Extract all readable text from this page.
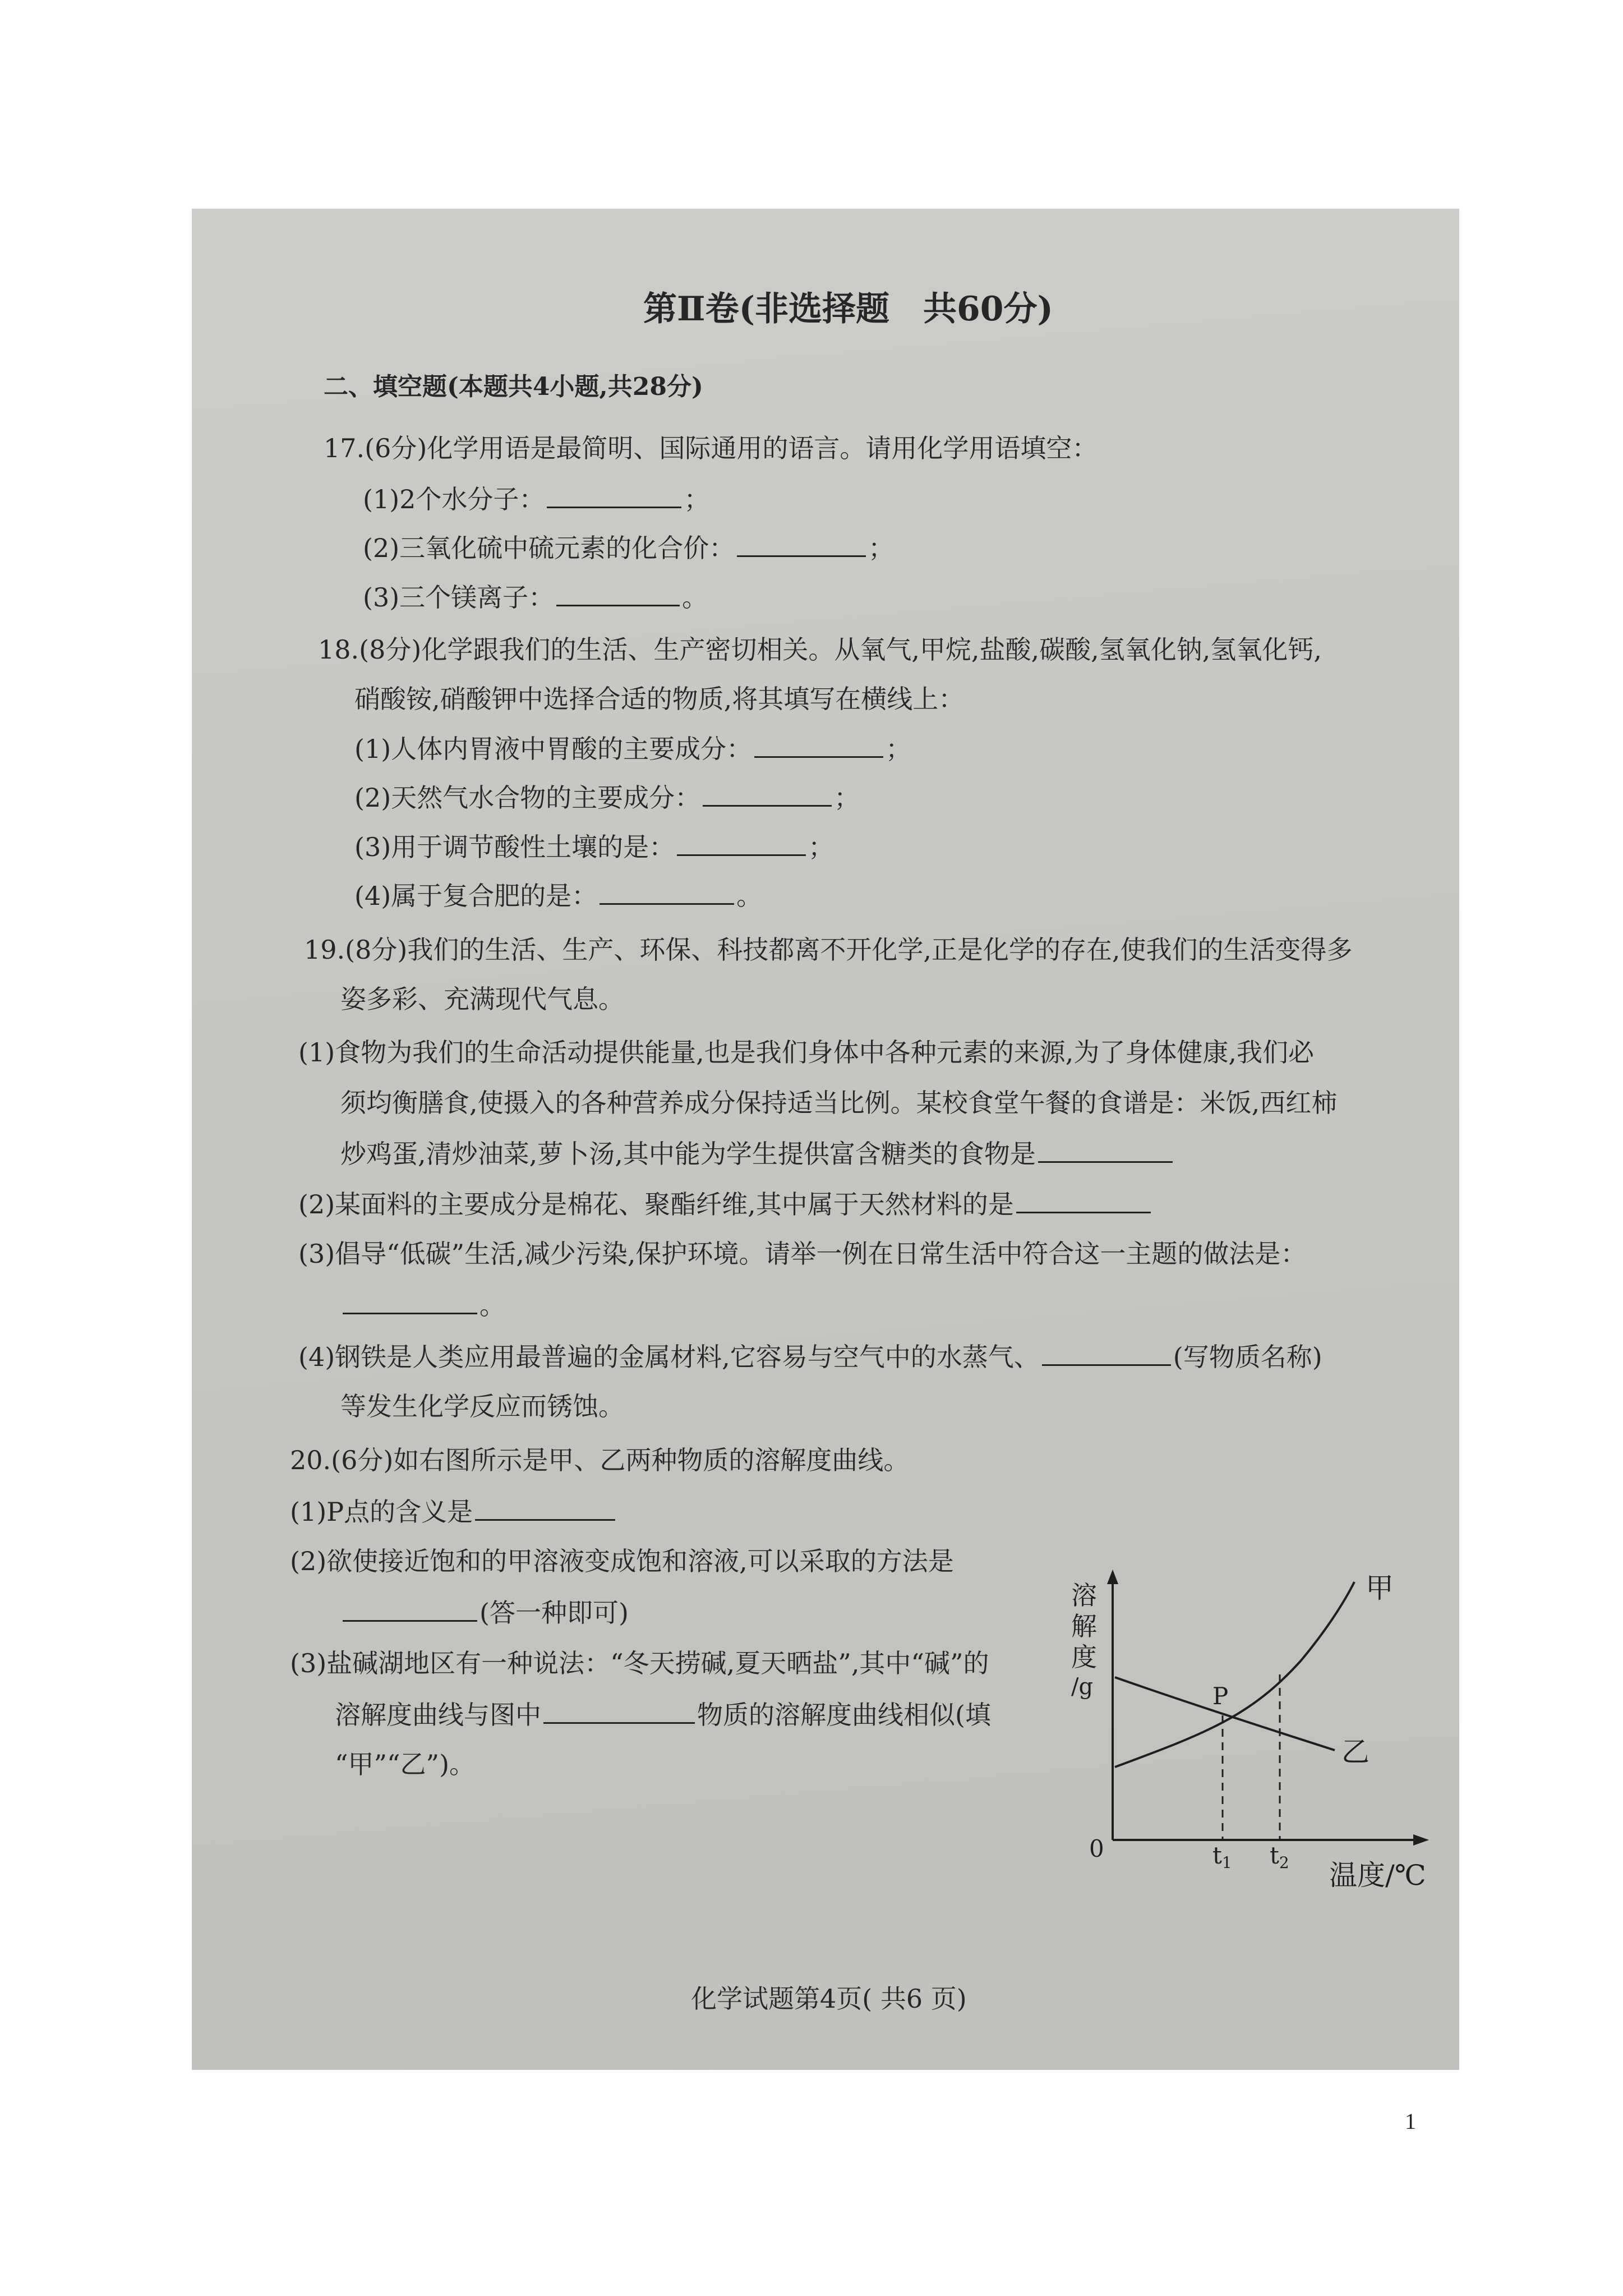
第Ⅱ卷(非选择题　共60分)
二、填空题(本题共4小题,共28分)
17.(6分)化学用语是最简明、国际通用的语言。请用化学用语填空：
(1)2个水分子：	；
(2)三氧化硫中硫元素的化合价：	；
(3)三个镁离子：	。
18.(8分)化学跟我们的生活、生产密切相关。从氧气,甲烷,盐酸,碳酸,氢氧化钠,氢氧化钙,
硝酸铵,硝酸钾中选择合适的物质,将其填写在横线上：
(1)人体内胃液中胃酸的主要成分：	；
(2)天然气水合物的主要成分：	；
(3)用于调节酸性土壤的是：	；
(4)属于复合肥的是：	。
19.(8分)我们的生活、生产、环保、科技都离不开化学,正是化学的存在,使我们的生活变得多
姿多彩、充满现代气息。
(1)食物为我们的生命活动提供能量,也是我们身体中各种元素的来源,为了身体健康,我们必
须均衡膳食,使摄入的各种营养成分保持适当比例。某校食堂午餐的食谱是：米饭,西红柿
炒鸡蛋,清炒油菜,萝卜汤,其中能为学生提供富含糖类的食物是
(2)某面料的主要成分是棉花、聚酯纤维,其中属于天然材料的是
(3)倡导“低碳”生活,减少污染,保护环境。请举一例在日常生活中符合这一主题的做法是：
。
(4)钢铁是人类应用最普遍的金属材料,它容易与空气中的水蒸气、	(写物质名称)
等发生化学反应而锈蚀。
20.(6分)如右图所示是甲、乙两种物质的溶解度曲线。
(1)P点的含义是
(2)欲使接近饱和的甲溶液变成饱和溶液,可以采取的方法是
(答一种即可)
(3)盐碱湖地区有一种说法：“冬天捞碱,夏天晒盐”,其中“碱”的
溶解度曲线与图中	物质的溶解度曲线相似(填
“甲”“乙”)。
化学试题第4页( 共6 页)
溶
解
度
/g	P
甲
乙
0	t1 t2 温度/℃
1
